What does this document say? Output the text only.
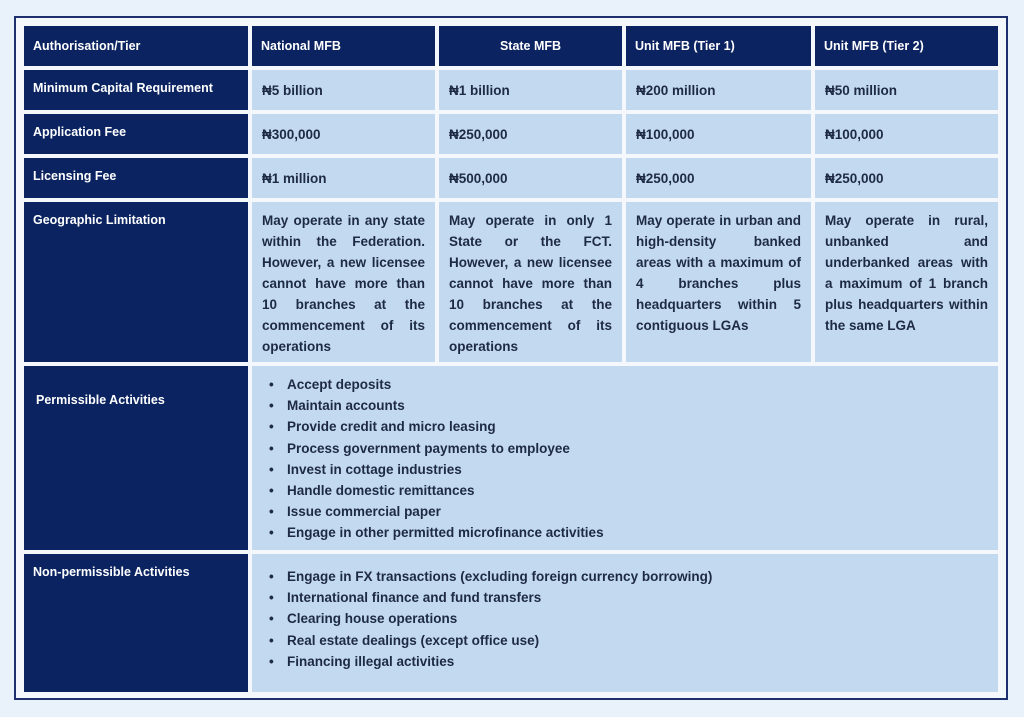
Authorisation/Tier	National MFB	State MFB	Unit MFB (Tier 1)	Unit MFB (Tier 2)
Minimum Capital Requirement	₦5 billion	₦1 billion	₦200 million	₦50 million
Application Fee	₦300,000	₦250,000	₦100,000	₦100,000
Licensing Fee	₦1 million	₦500,000	₦250,000	₦250,000
Geographic Limitation	May operate in any state within the Federation. However, a new licensee cannot have more than 10 branches at the commencement of its operations
May operate in only 1 State or the FCT. However, a new licensee cannot have more than 10 branches at the commencement of its operations
May operate in urban and high-density banked areas with a maximum of 4 branches plus headquarters within 5 contiguous LGAs
May operate in rural, unbanked and underbanked areas with a maximum of 1 branch plus headquarters within the same LGA
Permissible Activities
• Accept deposits
• Maintain accounts
• Provide credit and micro leasing
• Process government payments to employee
• Invest in cottage industries
• Handle domestic remittances
• Issue commercial paper
• Engage in other permitted microfinance activities
Non-permissible Activities
•	Engage in FX transactions (excluding foreign currency borrowing)
• International finance and fund transfers
• Clearing house operations
• Real estate dealings (except office use)
• Financing illegal activities
